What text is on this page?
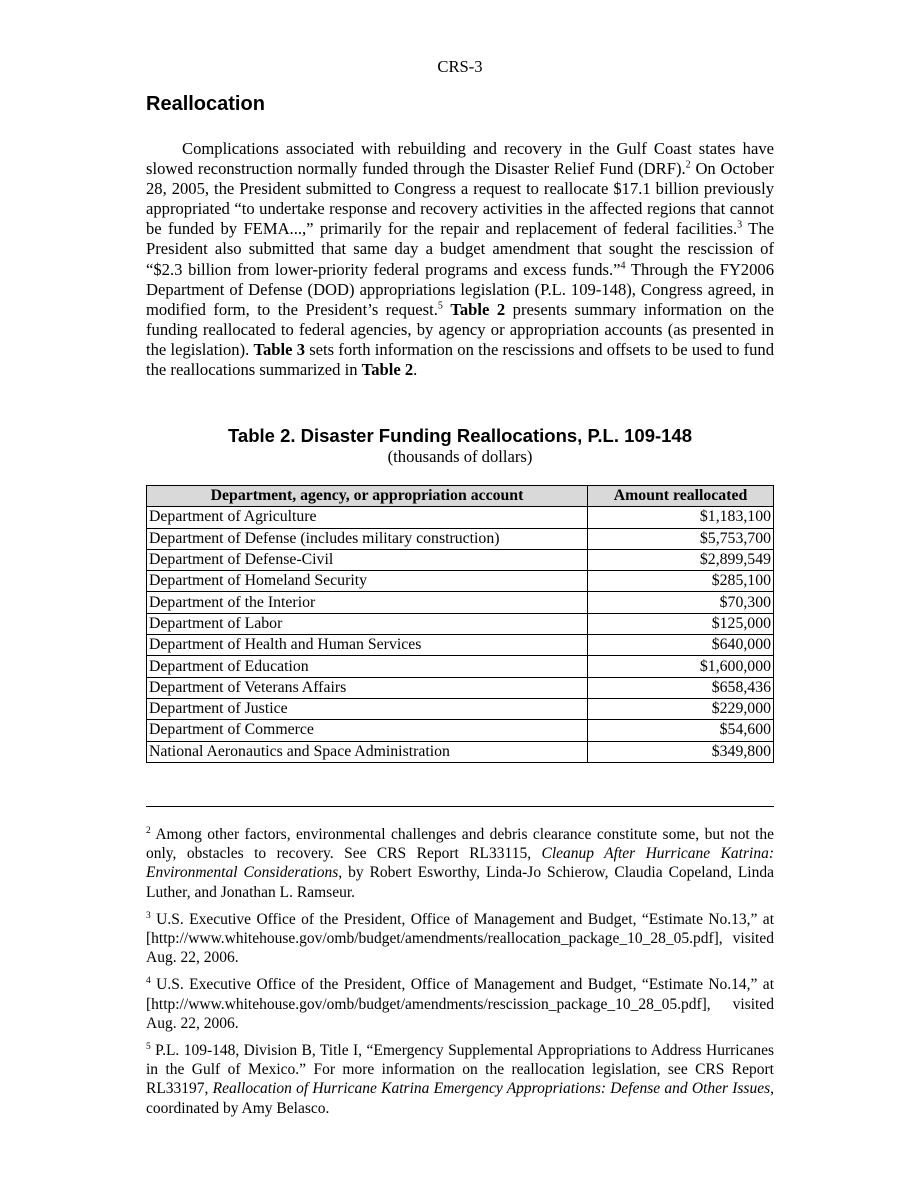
CRS-3
Reallocation

Complications associated with rebuilding and recovery in the Gulf Coast states have slowed reconstruction normally funded through the Disaster Relief Fund (DRF).$^2$ On October 28, 2005, the President submitted to Congress a request to reallocate $17.1 billion previously appropriated “to undertake response and recovery activities in the affected regions that cannot be funded by FEMA...,” primarily for the repair and replacement of federal facilities.$^3$ The President also submitted that same day a budget amendment that sought the rescission of “$2.3 billion from lower-priority federal programs and excess funds.”$^4$ Through the FY2006 Department of Defense (DOD) appropriations legislation (P.L. 109-148), Congress agreed, in modified form, to the President’s request.$^5$ Table 2 presents summary information on the funding reallocated to federal agencies, by agency or appropriation accounts (as presented in the legislation). Table 3 sets forth information on the rescissions and offsets to be used to fund the reallocations summarized in Table 2.

Table 2. Disaster Funding Reallocations, P.L. 109-148
(thousands of dollars)
Department, agency, or appropriation account	Amount reallocated
Department of Agriculture	$1,183,100
Department of Defense (includes military construction)	$5,753,700
Department of Defense-Civil	$2,899,549
Department of Homeland Security	$285,100
Department of the Interior	$70,300
Department of Labor	$125,000
Department of Health and Human Services	$640,000
Department of Education	$1,600,000
Department of Veterans Affairs	$658,436
Department of Justice	$229,000
Department of Commerce	$54,600
National Aeronautics and Space Administration	$349,800

$^2$ Among other factors, environmental challenges and debris clearance constitute some, but not the only, obstacles to recovery. See CRS Report RL33115, Cleanup After Hurricane Katrina: Environmental Considerations, by Robert Esworthy, Linda-Jo Schierow, Claudia Copeland, Linda Luther, and Jonathan L. Ramseur.

$^3$ U.S. Executive Office of the President, Office of Management and Budget, “Estimate No.13,” at [http://www.whitehouse.gov/omb/budget/amendments/reallocation_package_10_28_05.pdf], visited Aug. 22, 2006.

$^4$ U.S. Executive Office of the President, Office of Management and Budget, “Estimate No.14,” at [http://www.whitehouse.gov/omb/budget/amendments/rescission_package_10_28_05.pdf], visited Aug. 22, 2006.

$^5$ P.L. 109-148, Division B, Title I, “Emergency Supplemental Appropriations to Address Hurricanes in the Gulf of Mexico.” For more information on the reallocation legislation, see CRS Report RL33197, Reallocation of Hurricane Katrina Emergency Appropriations: Defense and Other Issues, coordinated by Amy Belasco.
